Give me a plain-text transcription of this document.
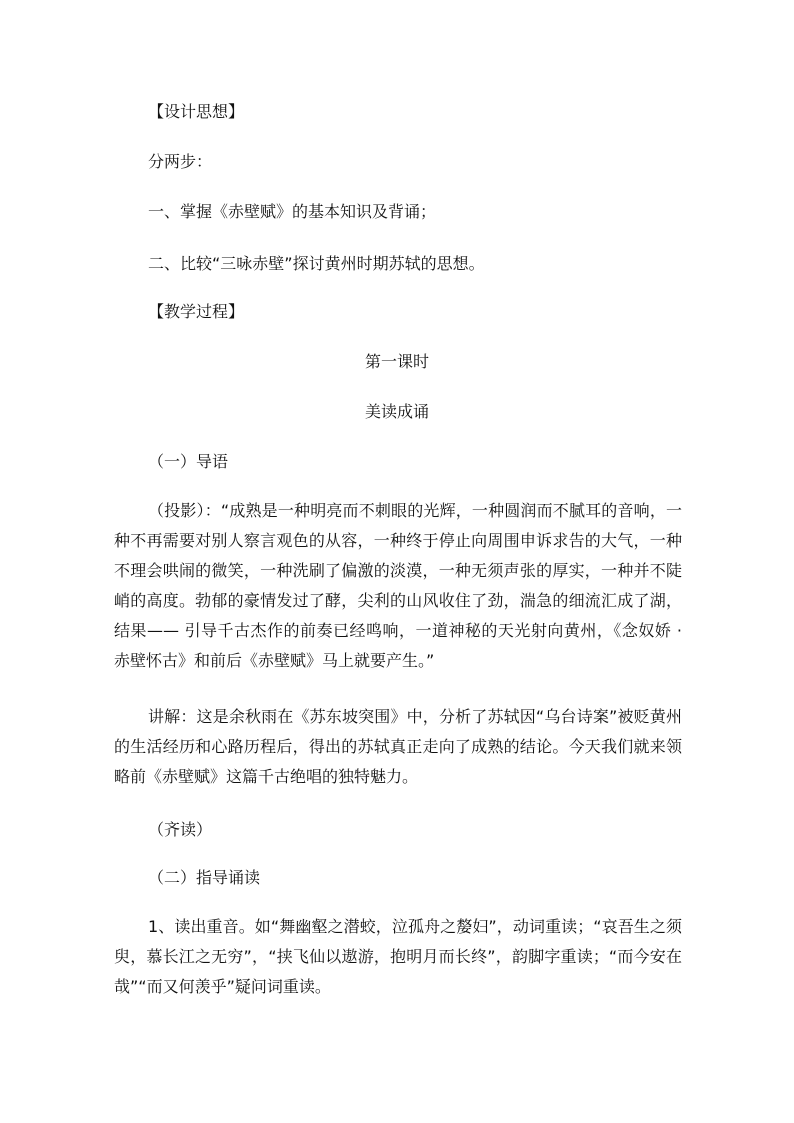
【设计思想】
分两步：
一、掌握《赤壁赋》的基本知识及背诵；
二、比较“三咏赤壁”探讨黄州时期苏轼的思想。
【教学过程】
第一课时
美读成诵
（一）导语
（投影）：“成熟是一种明亮而不刺眼的光辉，一种圆润而不腻耳的音响，一种不再需要对别人察言观色的从容，一种终于停止向周围申诉求告的大气，一种不理会哄闹的微笑，一种洗刷了偏激的淡漠，一种无须声张的厚实，一种并不陡峭的高度。勃郁的豪情发过了酵，尖利的山风收住了劲，湍急的细流汇成了湖，结果—— 引导千古杰作的前奏已经鸣响，一道神秘的天光射向黄州，《念奴娇 · 赤壁怀古》和前后《赤壁赋》马上就要产生。”
讲解：这是余秋雨在《苏东坡突围》中，分析了苏轼因“乌台诗案”被贬黄州的生活经历和心路历程后，得出的苏轼真正走向了成熟的结论。今天我们就来领略前《赤壁赋》这篇千古绝唱的独特魅力。
（齐读）
（二）指导诵读
1、读出重音。如“舞幽壑之潜蛟，泣孤舟之嫠妇”，动词重读；“哀吾生之须臾，慕长江之无穷”，“挟飞仙以遨游，抱明月而长终”，韵脚字重读；“而今安在哉”“而又何羡乎”疑问词重读。
